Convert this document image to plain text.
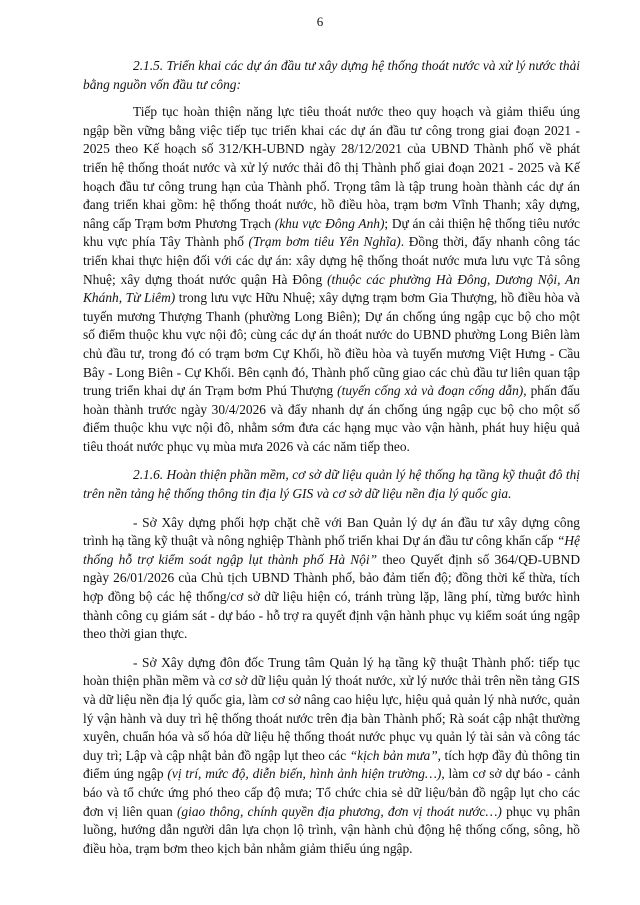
6

2.1.5. Triển khai các dự án đầu tư xây dựng hệ thống thoát nước và xử lý nước thải bằng nguồn vốn đầu tư công:

Tiếp tục hoàn thiện năng lực tiêu thoát nước theo quy hoạch và giảm thiểu úng ngập bền vững bằng việc tiếp tục triển khai các dự án đầu tư công trong giai đoạn 2021 - 2025 theo Kế hoạch số 312/KH-UBND ngày 28/12/2021 của UBND Thành phố về phát triển hệ thống thoát nước và xử lý nước thải đô thị Thành phố giai đoạn 2021 - 2025 và Kế hoạch đầu tư công trung hạn của Thành phố. Trọng tâm là tập trung hoàn thành các dự án đang triển khai gồm: hệ thống thoát nước, hồ điều hòa, trạm bơm Vĩnh Thanh; xây dựng, nâng cấp Trạm bơm Phương Trạch (khu vực Đông Anh); Dự án cải thiện hệ thống tiêu nước khu vực phía Tây Thành phố (Trạm bơm tiêu Yên Nghĩa). Đồng thời, đẩy nhanh công tác triển khai thực hiện đối với các dự án: xây dựng hệ thống thoát nước mưa lưu vực Tả sông Nhuệ; xây dựng thoát nước quận Hà Đông (thuộc các phường Hà Đông, Dương Nội, An Khánh, Từ Liêm) trong lưu vực Hữu Nhuệ; xây dựng trạm bơm Gia Thượng, hồ điều hòa và tuyến mương Thượng Thanh (phường Long Biên); Dự án chống úng ngập cục bộ cho một số điểm thuộc khu vực nội đô; cùng các dự án thoát nước do UBND phường Long Biên làm chủ đầu tư, trong đó có trạm bơm Cự Khối, hồ điều hòa và tuyến mương Việt Hưng - Cầu Bây - Long Biên - Cự Khối. Bên cạnh đó, Thành phố cũng giao các chủ đầu tư liên quan tập trung triển khai dự án Trạm bơm Phú Thượng (tuyến cống xả và đoạn cống dẫn), phấn đấu hoàn thành trước ngày 30/4/2026 và đẩy nhanh dự án chống úng ngập cục bộ cho một số điểm thuộc khu vực nội đô, nhằm sớm đưa các hạng mục vào vận hành, phát huy hiệu quả tiêu thoát nước phục vụ mùa mưa 2026 và các năm tiếp theo.

2.1.6. Hoàn thiện phần mềm, cơ sở dữ liệu quản lý hệ thống hạ tầng kỹ thuật đô thị trên nền tảng hệ thống thông tin địa lý GIS và cơ sở dữ liệu nền địa lý quốc gia.

- Sở Xây dựng phối hợp chặt chẽ với Ban Quản lý dự án đầu tư xây dựng công trình hạ tầng kỹ thuật và nông nghiệp Thành phố triển khai Dự án đầu tư công khẩn cấp “Hệ thống hỗ trợ kiểm soát ngập lụt thành phố Hà Nội” theo Quyết định số 364/QĐ-UBND ngày 26/01/2026 của Chủ tịch UBND Thành phố, bảo đảm tiến độ; đồng thời kế thừa, tích hợp đồng bộ các hệ thống/cơ sở dữ liệu hiện có, tránh trùng lặp, lãng phí, từng bước hình thành công cụ giám sát - dự báo - hỗ trợ ra quyết định vận hành phục vụ kiểm soát úng ngập theo thời gian thực.

- Sở Xây dựng đôn đốc Trung tâm Quản lý hạ tầng kỹ thuật Thành phố: tiếp tục hoàn thiện phần mềm và cơ sở dữ liệu quản lý thoát nước, xử lý nước thải trên nền tảng GIS và dữ liệu nền địa lý quốc gia, làm cơ sở nâng cao hiệu lực, hiệu quả quản lý nhà nước, quản lý vận hành và duy trì hệ thống thoát nước trên địa bàn Thành phố; Rà soát cập nhật thường xuyên, chuẩn hóa và số hóa dữ liệu hệ thống thoát nước phục vụ quản lý tài sản và công tác duy trì; Lập và cập nhật bản đồ ngập lụt theo các “kịch bản mưa”, tích hợp đầy đủ thông tin điểm úng ngập (vị trí, mức độ, diễn biến, hình ảnh hiện trường…), làm cơ sở dự báo - cảnh báo và tổ chức ứng phó theo cấp độ mưa; Tổ chức chia sẻ dữ liệu/bản đồ ngập lụt cho các đơn vị liên quan (giao thông, chính quyền địa phương, đơn vị thoát nước…) phục vụ phân luồng, hướng dẫn người dân lựa chọn lộ trình, vận hành chủ động hệ thống cống, sông, hồ điều hòa, trạm bơm theo kịch bản nhằm giảm thiểu úng ngập.
